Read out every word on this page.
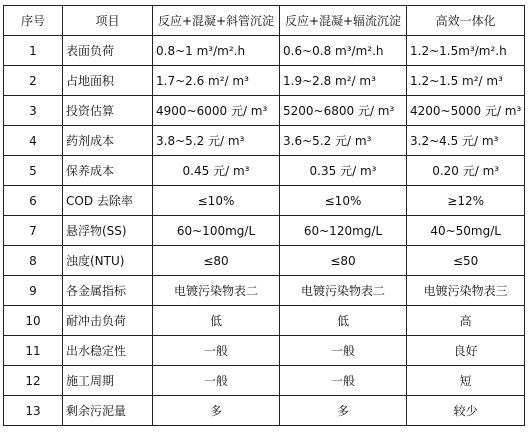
序号	项目	反应+混凝+斜管沉淀	反应+混凝+辐流沉淀	高效一体化
1	表面负荷	0.8~1 m³/m².h	0.6~0.8 m³/m².h	1.2~1.5m³/m².h
2	占地面积	1.7~2.6 m²/ m³	1.9~2.8 m²/ m³	1.2~1.5 m²/ m³
3	投资估算	4900~6000 元/ m³	5200~6800 元/ m³	4200~5000 元/ m³
4	药剂成本	3.8~5.2 元/ m³	3.6~5.2 元/ m³	3.2~4.5 元/ m³
5	保养成本	0.45 元/ m³	0.35 元/ m³	0.20 元/ m³
6	COD 去除率	≤10%	≤10%	≥12%
7	悬浮物(SS)	60~100mg/L	60~120mg/L	40~50mg/L
8	浊度(NTU)	≤80	≤80	≤50
9	各金属指标	电镀污染物表二	电镀污染物表二	电镀污染物表三
10	耐冲击负荷	低	低	高
11	出水稳定性	一般	一般	良好
12	施工周期	一般	一般	短
13	剩余污泥量	多	多	较少
